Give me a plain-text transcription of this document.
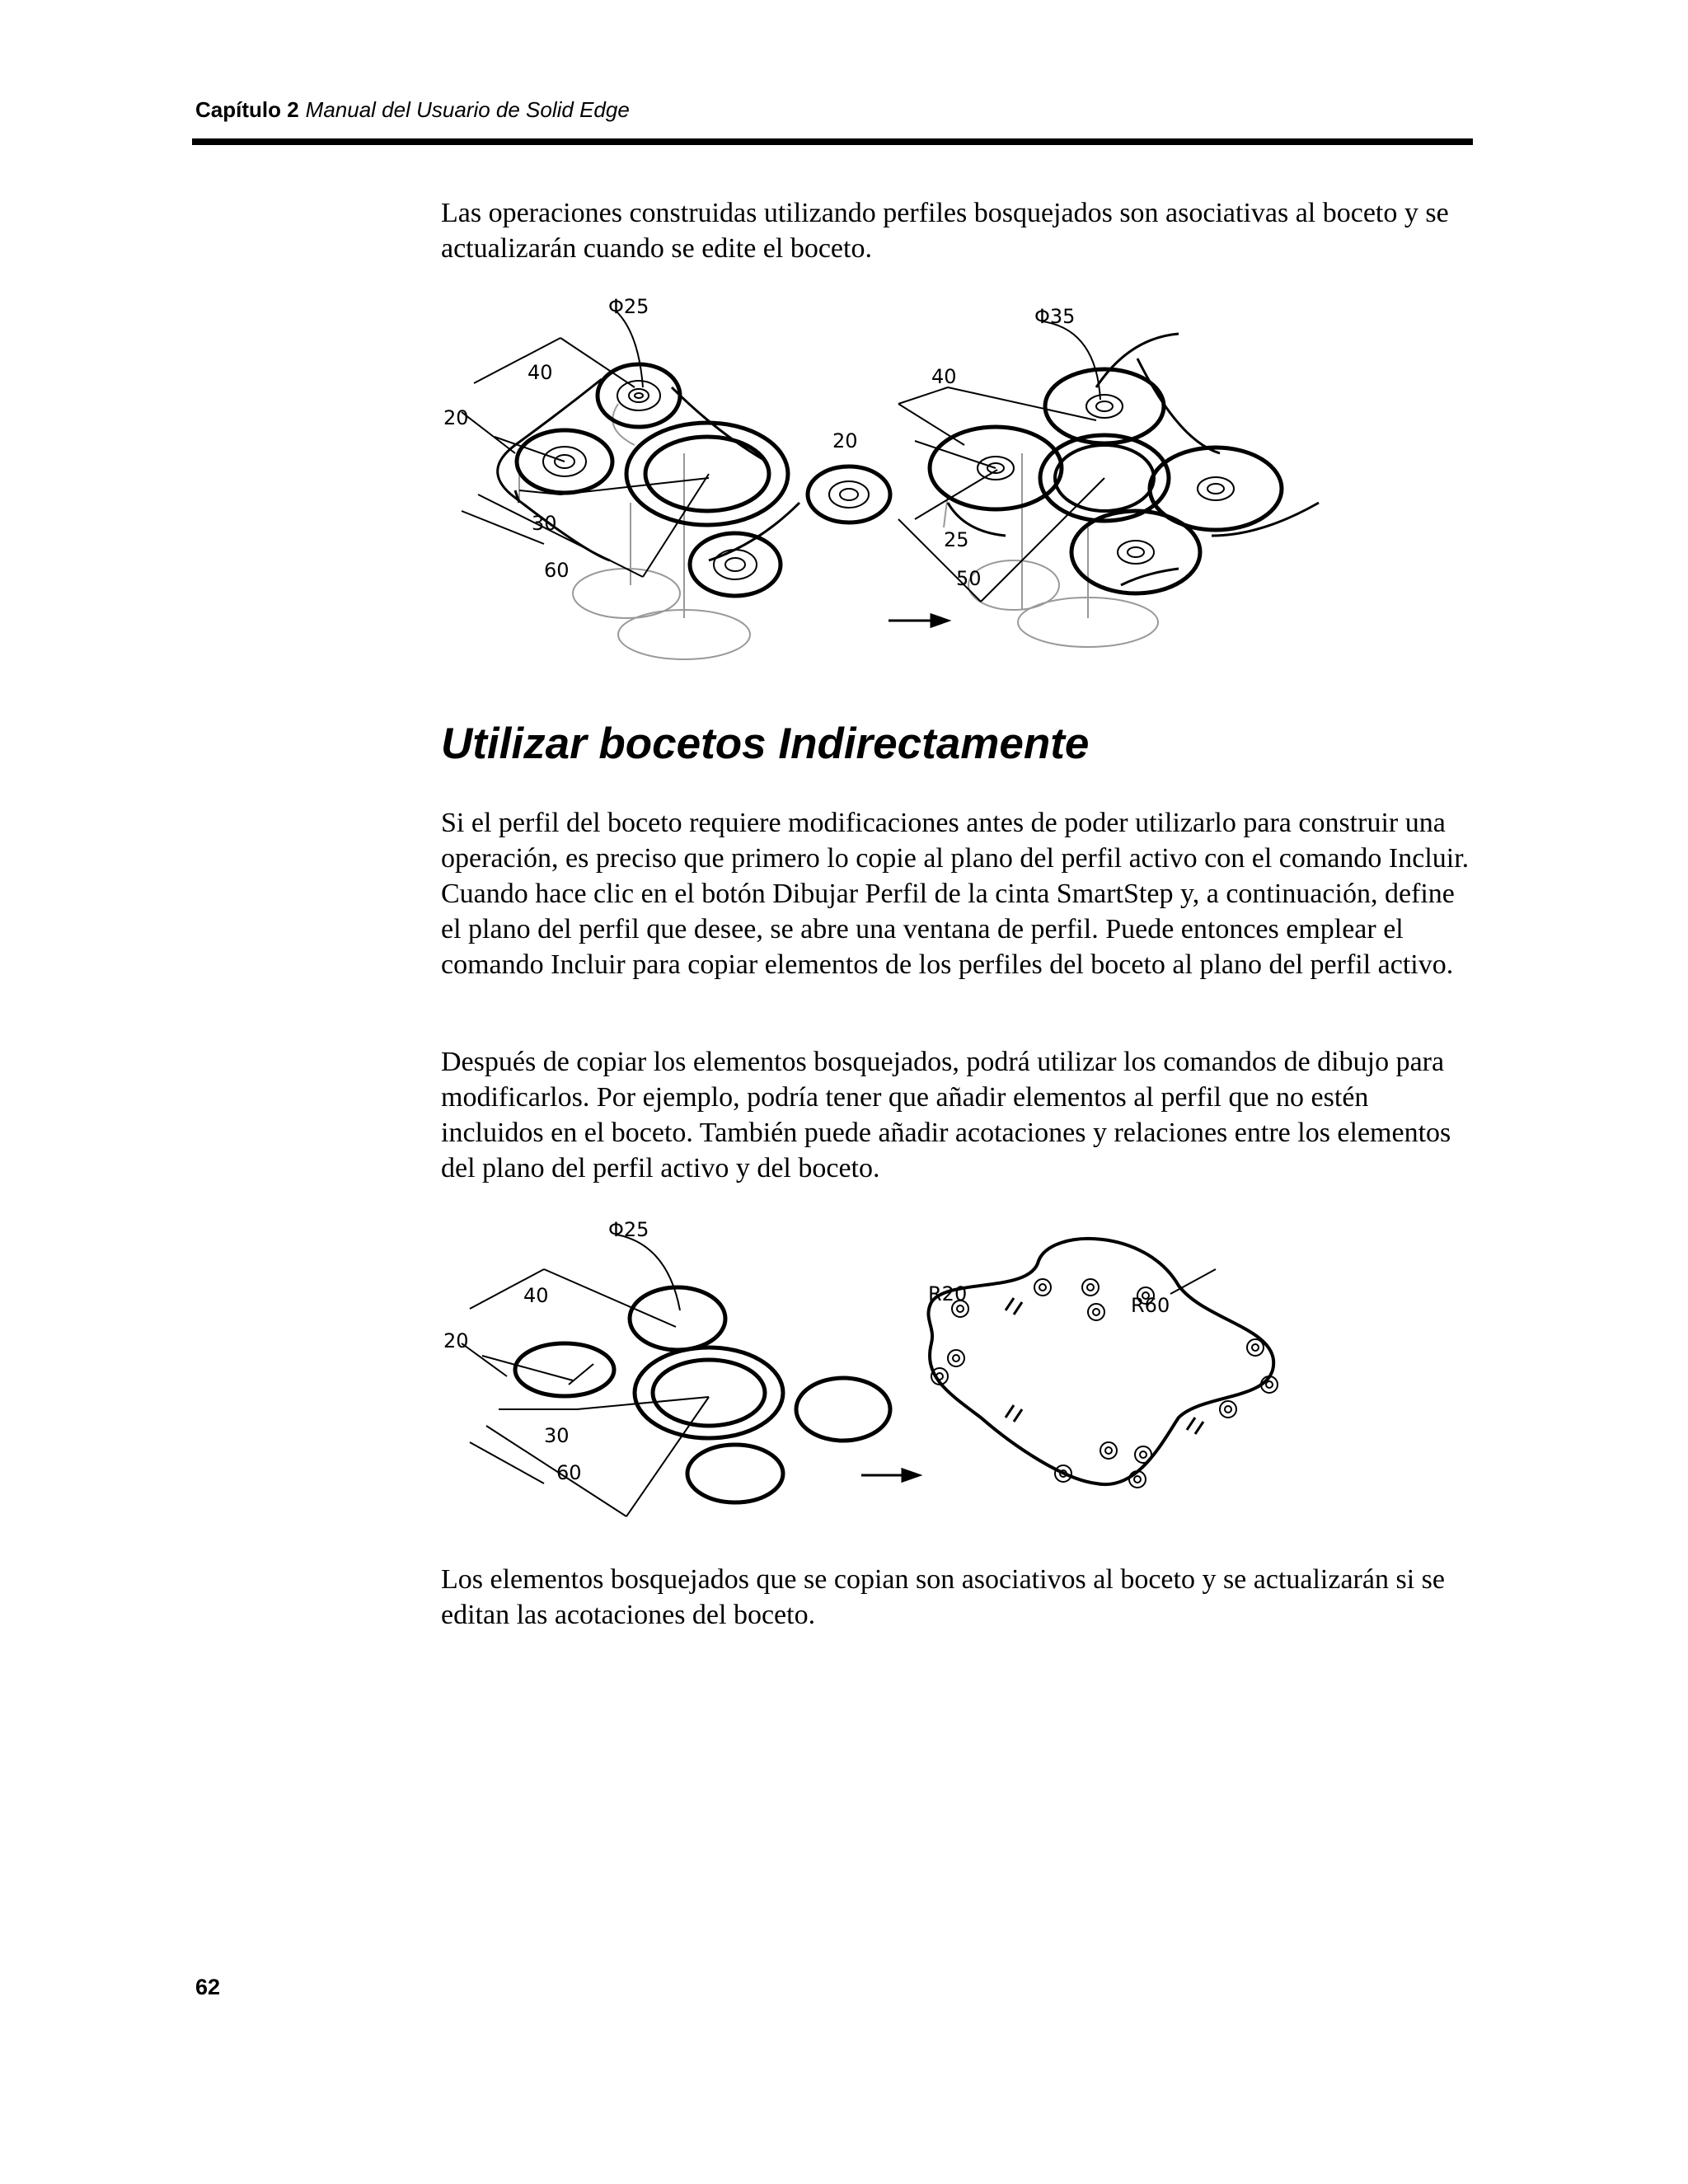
Capítulo 2 Manual del Usuario de Solid Edge

Las operaciones construidas utilizando perfiles bosquejados son asociativas al boceto y se actualizarán cuando se edite el boceto.

Φ25
40
20
30
60
Φ35
40
20
25
50
Utilizar bocetos Indirectamente

Si el perfil del boceto requiere modificaciones antes de poder utilizarlo para construir una operación, es preciso que primero lo copie al plano del perfil activo con el comando Incluir. Cuando hace clic en el botón Dibujar Perfil de la cinta SmartStep y, a continuación, define el plano del perfil que desee, se abre una ventana de perfil. Puede entonces emplear el comando Incluir para copiar elementos de los perfiles del boceto al plano del perfil activo.

Después de copiar los elementos bosquejados, podrá utilizar los comandos de dibujo para modificarlos. Por ejemplo, podría tener que añadir elementos al perfil que no estén incluidos en el boceto. También puede añadir acotaciones y relaciones entre los elementos del plano del perfil activo y del boceto.

Φ25
40
20
30
60
R20	R60

Los elementos bosquejados que se copian son asociativos al boceto y se actualizarán si se editan las acotaciones del boceto.

62
